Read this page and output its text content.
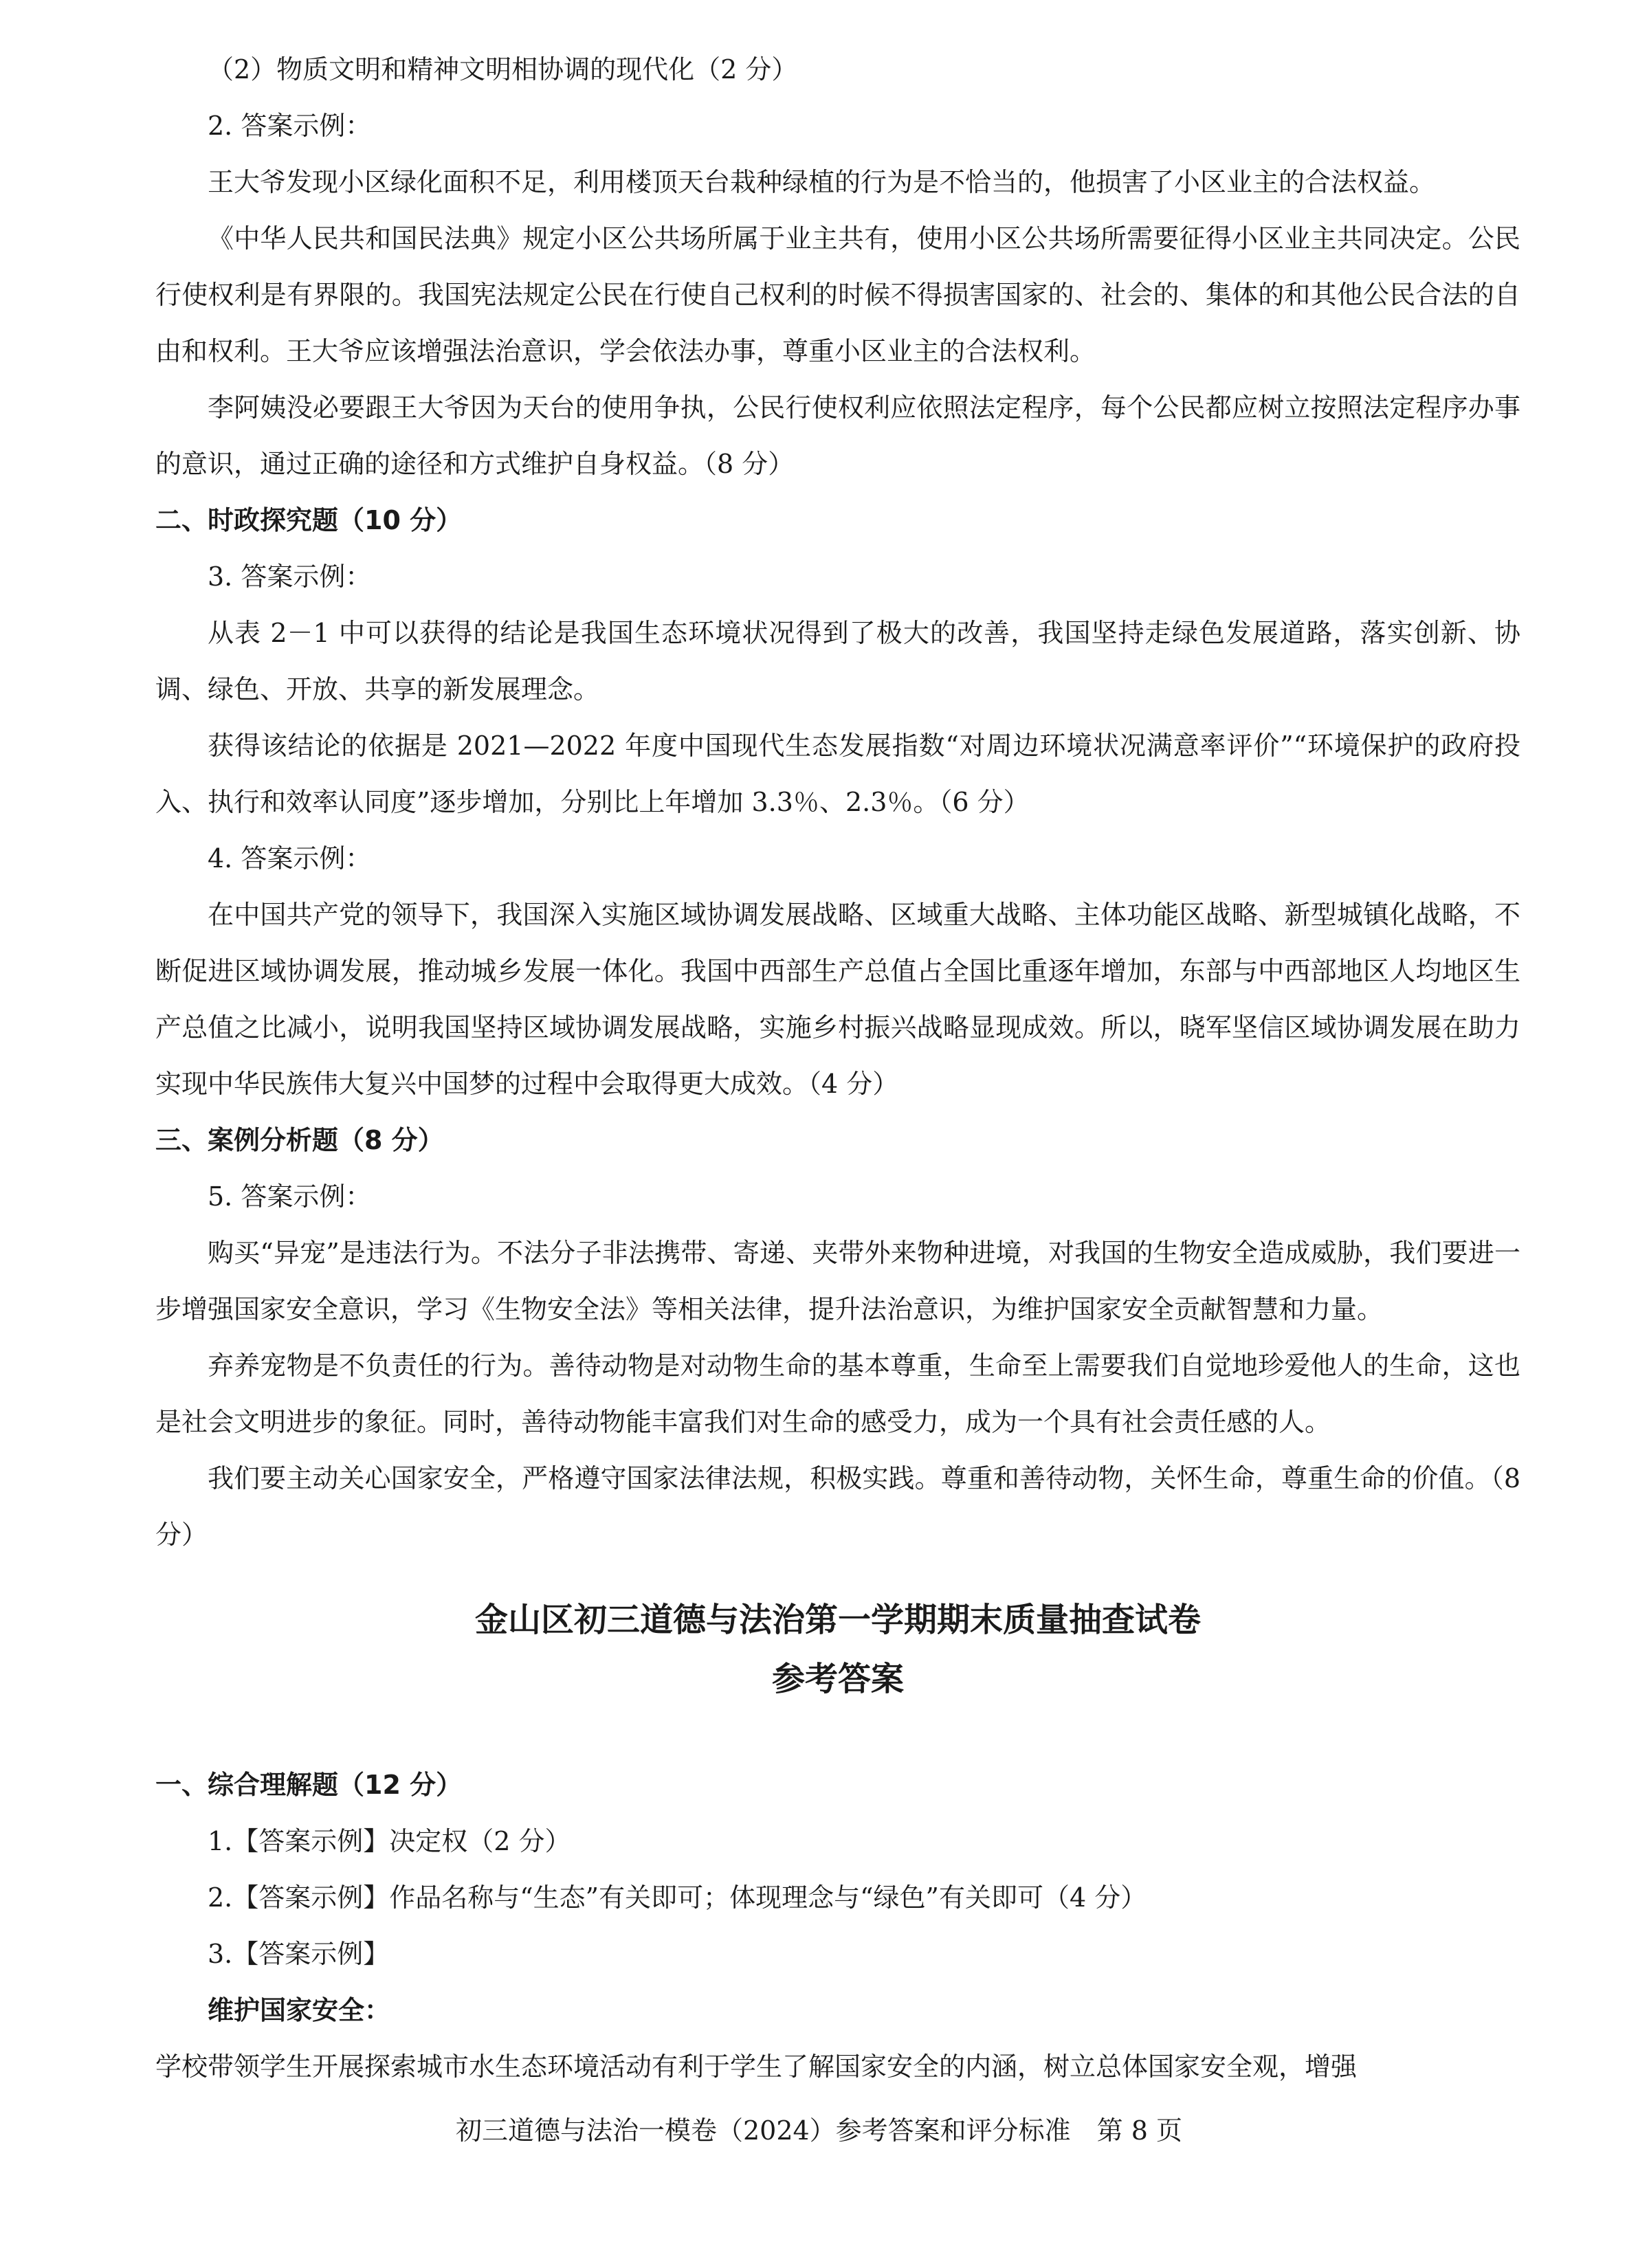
（2）物质文明和精神文明相协调的现代化（2 分）

2. 答案示例：

王大爷发现小区绿化面积不足，利用楼顶天台栽种绿植的行为是不恰当的，他损害了小区业主的合法权益。

《中华人民共和国民法典》规定小区公共场所属于业主共有，使用小区公共场所需要征得小区业主共同决定。公民行使权利是有界限的。我国宪法规定公民在行使自己权利的时候不得损害国家的、社会的、集体的和其他公民合法的自由和权利。王大爷应该增强法治意识，学会依法办事，尊重小区业主的合法权利。

李阿姨没必要跟王大爷因为天台的使用争执，公民行使权利应依照法定程序，每个公民都应树立按照法定程序办事的意识，通过正确的途径和方式维护自身权益。（8 分）

二、时政探究题（10 分）

3. 答案示例：

从表 2－1 中可以获得的结论是我国生态环境状况得到了极大的改善，我国坚持走绿色发展道路，落实创新、协调、绿色、开放、共享的新发展理念。

获得该结论的依据是 2021—2022 年度中国现代生态发展指数“对周边环境状况满意率评价”“环境保护的政府投入、执行和效率认同度”逐步增加，分别比上年增加 3.3％、2.3％。（6 分）

4. 答案示例：

在中国共产党的领导下，我国深入实施区域协调发展战略、区域重大战略、主体功能区战略、新型城镇化战略，不断促进区域协调发展，推动城乡发展一体化。我国中西部生产总值占全国比重逐年增加，东部与中西部地区人均地区生产总值之比减小，说明我国坚持区域协调发展战略，实施乡村振兴战略显现成效。所以，晓军坚信区域协调发展在助力实现中华民族伟大复兴中国梦的过程中会取得更大成效。（4 分）

三、案例分析题（8 分）

5. 答案示例：

购买“异宠”是违法行为。不法分子非法携带、寄递、夹带外来物种进境，对我国的生物安全造成威胁，我们要进一步增强国家安全意识，学习《生物安全法》等相关法律，提升法治意识，为维护国家安全贡献智慧和力量。

弃养宠物是不负责任的行为。善待动物是对动物生命的基本尊重，生命至上需要我们自觉地珍爱他人的生命，这也是社会文明进步的象征。同时，善待动物能丰富我们对生命的感受力，成为一个具有社会责任感的人。

我们要主动关心国家安全，严格遵守国家法律法规，积极实践。尊重和善待动物，关怀生命，尊重生命的价值。（8 分）

金山区初三道德与法治第一学期期末质量抽查试卷
参考答案
一、综合理解题（12 分）

1.【答案示例】决定权（2 分）

2.【答案示例】作品名称与“生态”有关即可；体现理念与“绿色”有关即可（4 分）

3.【答案示例】

维护国家安全：

学校带领学生开展探索城市水生态环境活动有利于学生了解国家安全的内涵，树立总体国家安全观，增强

初三道德与法治一模卷（2024）参考答案和评分标准　第 8 页
